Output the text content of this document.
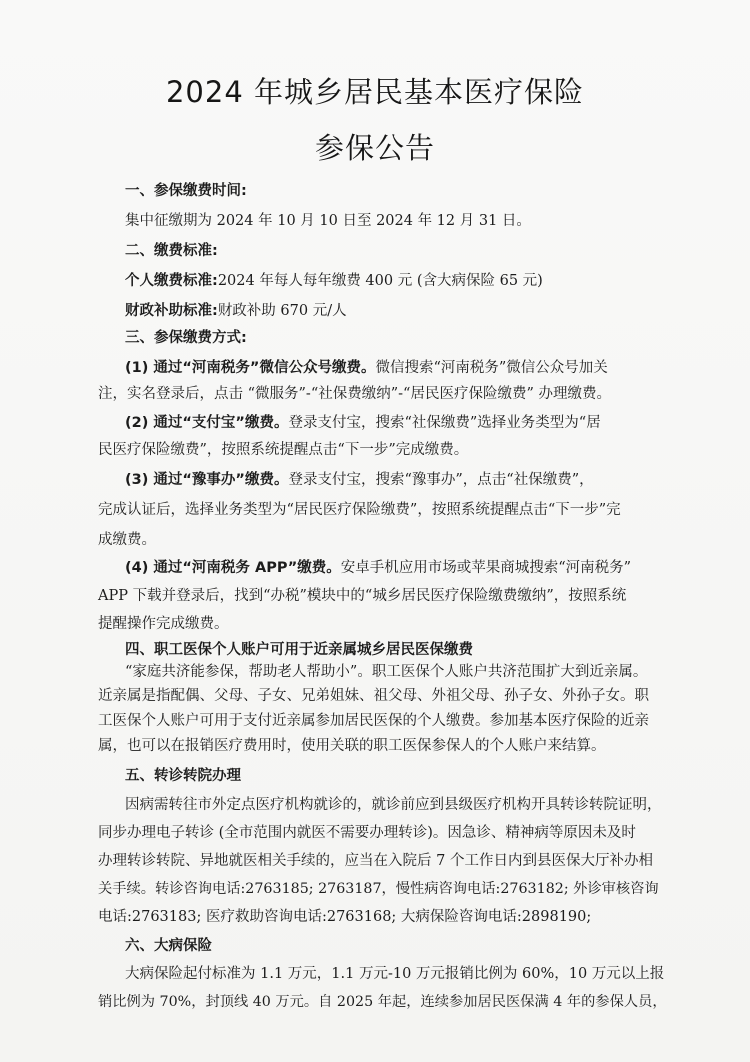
2024 年城乡居民基本医疗保险
参保公告
一、参保缴费时间:
集中征缴期为 2024 年 10 月 10 日至 2024 年 12 月 31 日。
二、缴费标准:
个人缴费标准:2024 年每人每年缴费 400 元 (含大病保险 65 元)
财政补助标准:财政补助 670 元/人
三、参保缴费方式:
(1) 通过“河南税务”微信公众号缴费。微信搜索“河南税务”微信公众号加关
注，实名登录后，点击 “微服务”-“社保费缴纳”-“居民医疗保险缴费” 办理缴费。
(2) 通过“支付宝”缴费。登录支付宝，搜索“社保缴费”选择业务类型为“居
民医疗保险缴费”，按照系统提醒点击“下一步”完成缴费。
(3) 通过“豫事办”缴费。登录支付宝，搜索“豫事办”，点击“社保缴费”，
完成认证后，选择业务类型为“居民医疗保险缴费”，按照系统提醒点击“下一步”完
成缴费。
(4) 通过“河南税务 APP”缴费。安卓手机应用市场或苹果商城搜索“河南税务”
APP 下载并登录后，找到“办税”模块中的“城乡居民医疗保险缴费缴纳”，按照系统
提醒操作完成缴费。
四、职工医保个人账户可用于近亲属城乡居民医保缴费
“家庭共济能参保，帮助老人帮助小”。职工医保个人账户共济范围扩大到近亲属。
近亲属是指配偶、父母、子女、兄弟姐妹、祖父母、外祖父母、孙子女、外孙子女。职
工医保个人账户可用于支付近亲属参加居民医保的个人缴费。参加基本医疗保险的近亲
属，也可以在报销医疗费用时，使用关联的职工医保参保人的个人账户来结算。
五、转诊转院办理
因病需转往市外定点医疗机构就诊的，就诊前应到县级医疗机构开具转诊转院证明，
同步办理电子转诊 (全市范围内就医不需要办理转诊)。因急诊、精神病等原因未及时
办理转诊转院、异地就医相关手续的，应当在入院后 7 个工作日内到县医保大厅补办相
关手续。转诊咨询电话:2763185; 2763187，慢性病咨询电话:2763182; 外诊审核咨询
电话:2763183; 医疗救助咨询电话:2763168; 大病保险咨询电话:2898190;
六、大病保险
大病保险起付标准为 1.1 万元，1.1 万元-10 万元报销比例为 60%，10 万元以上报
销比例为 70%，封顶线 40 万元。自 2025 年起，连续参加居民医保满 4 年的参保人员，
